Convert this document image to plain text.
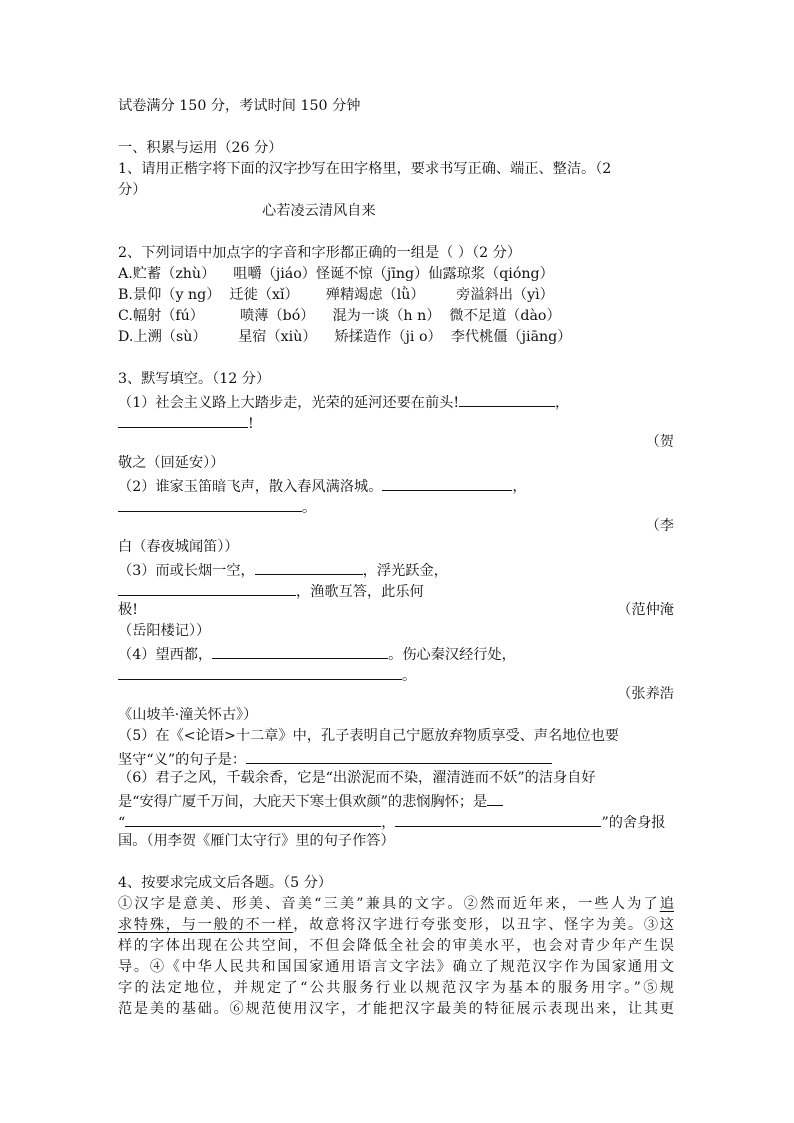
试卷满分 150 分，考试时间 150 分钟
一、积累与运用（26 分）
1、请用正楷字将下面的汉字抄写在田字格里，要求书写正确、端正、整洁。（2
分）
心若凌云清风自来
2、下列词语中加点字的字音和字形都正确的一组是（ ）（2 分）
A.贮蓄（zhù）    咀嚼（jiáo）怪诞不惊（jīng）仙露琼浆（qióng）
B.景仰（y ng）  迁徙（xǐ）      殚精竭虑（lǜ）       旁溢斜出（yì）
C.幅射（fú）        喷薄（bó）    混为一谈（h n）  微不足道（dào）
D.上溯（sù）       星宿（xiù）    矫揉造作（ji o）  李代桃僵（jiāng）
3、默写填空。（12 分）
（1）社会主义路上大踏步走，光荣的延河还要在前头!	，
!
（贺
敬之（回延安））
（2）谁家玉笛暗飞声，散入春风满洛城。	，
。
（李
白（春夜城闻笛））
（3）而或长烟一空，	，浮光跃金，
，渔歌互答，此乐何
极!	（范仲淹
（岳阳楼记））
（4）望西都，	。伤心秦汉经行处，
。
（张养浩
《山坡羊·潼关怀古》）
（5）在《<论语>十二章》中，孔子表明自己宁愿放弃物质享受、声名地位也要
坚守“义”的句子是：
（6）君子之风，千载余香，它是“出淤泥而不染，濯清涟而不妖”的洁身自好
是“安得广厦千万间，大庇天下寒士俱欢颜”的悲悯胸怀；是
“	，	”的舍身报
国。（用李贺《雁门太守行》里的句子作答）
4、按要求完成文后各题。（5 分）
①汉字是意美、形美、音美“三美”兼具的文字。②然而近年来，一些人为了追
求特殊，与一般的不一样，故意将汉字进行夸张变形，以丑字、怪字为美。③这
样的字体出现在公共空间，不但会降低全社会的审美水平，也会对青少年产生误
导。④《中华人民共和国国家通用语言文字法》确立了规范汉字作为国家通用文
字的法定地位，并规定了“公共服务行业以规范汉字为基本的服务用字。”⑤规
范是美的基础。⑥规范使用汉字，才能把汉字最美的特征展示表现出来，让其更
